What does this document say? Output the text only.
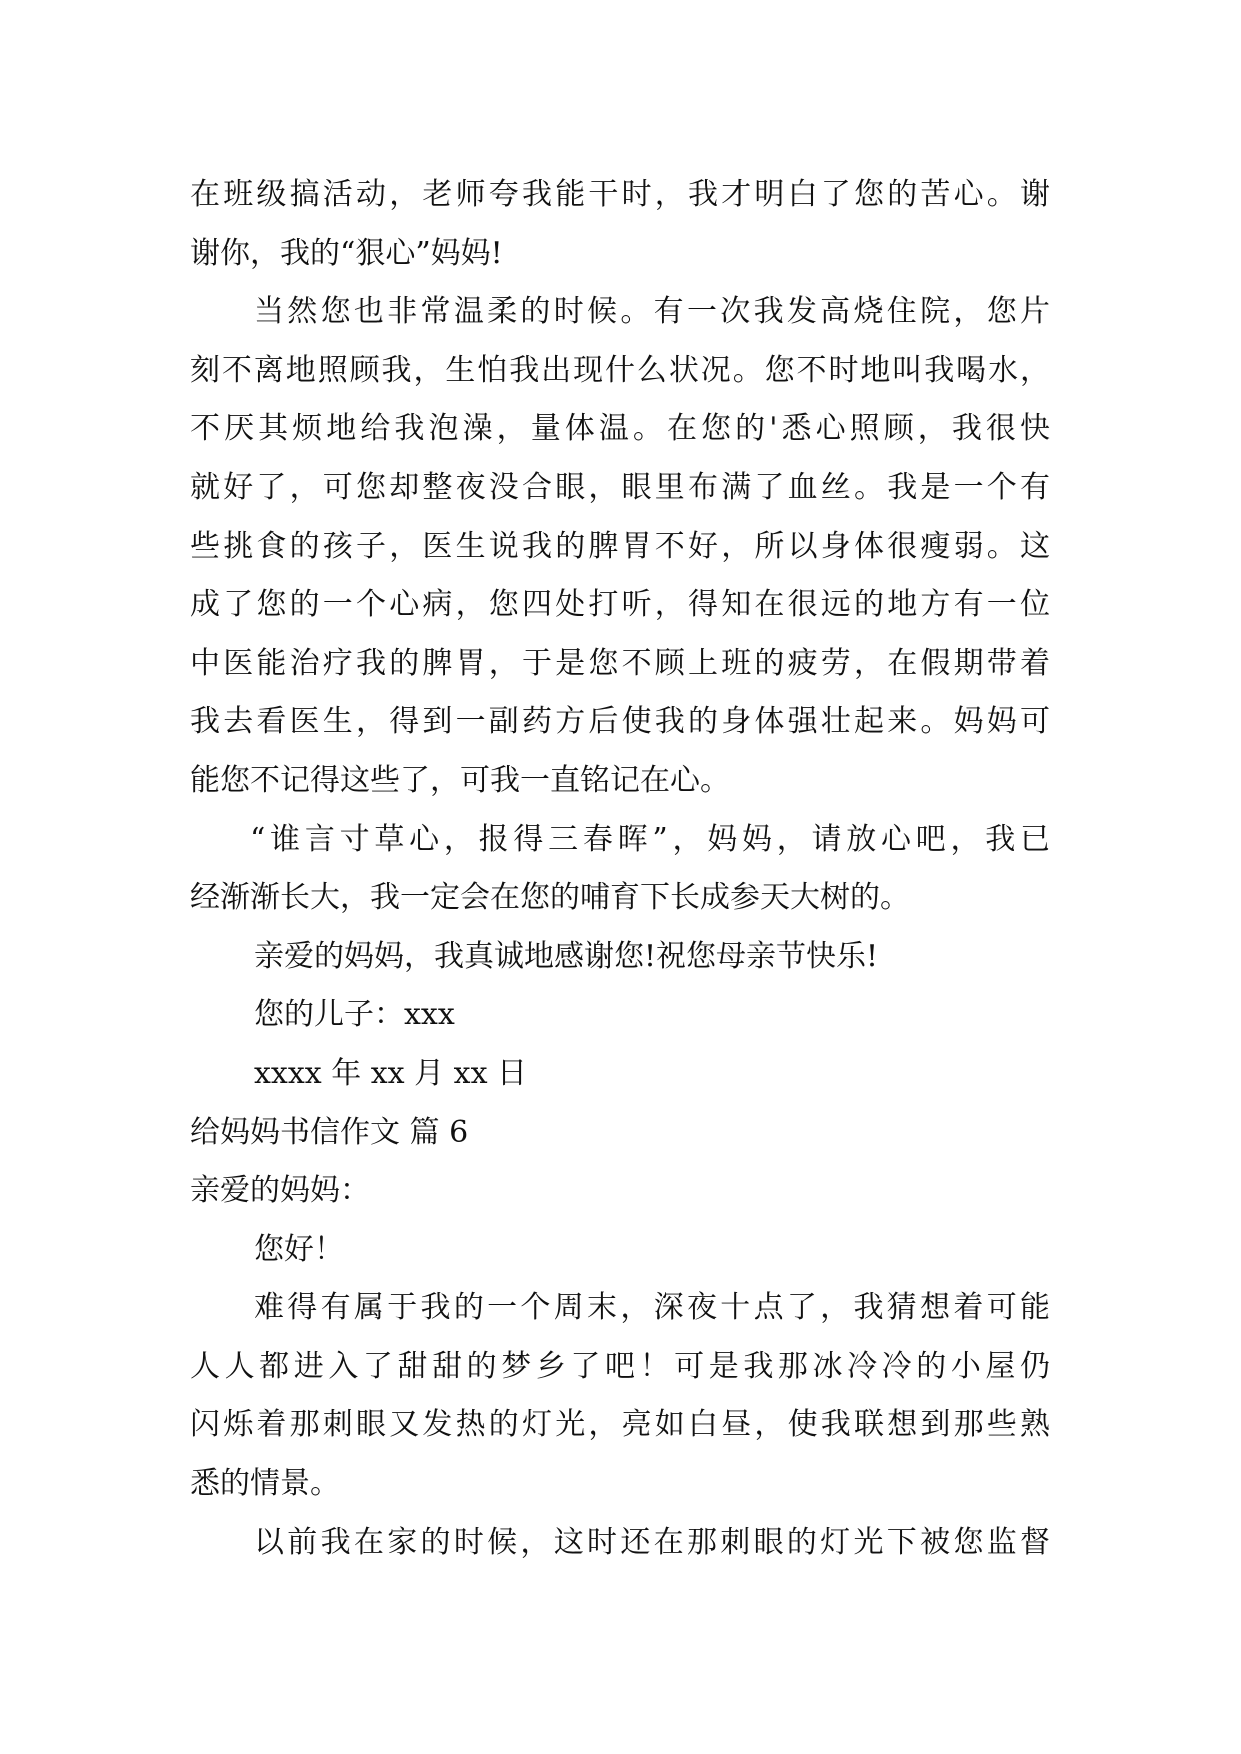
在班级搞活动，老师夸我能干时，我才明白了您的苦心。谢
谢你，我的“狠心”妈妈!
当然您也非常温柔的时候。有一次我发高烧住院，您片
刻不离地照顾我，生怕我出现什么状况。您不时地叫我喝水，
不厌其烦地给我泡澡，量体温。在您的'悉心照顾，我很快
就好了，可您却整夜没合眼，眼里布满了血丝。我是一个有
些挑食的孩子，医生说我的脾胃不好，所以身体很瘦弱。这
成了您的一个心病，您四处打听，得知在很远的地方有一位
中医能治疗我的脾胃，于是您不顾上班的疲劳，在假期带着
我去看医生，得到一副药方后使我的身体强壮起来。妈妈可
能您不记得这些了，可我一直铭记在心。
“谁言寸草心，报得三春晖”，妈妈，请放心吧，我已
经渐渐长大，我一定会在您的哺育下长成参天大树的。
亲爱的妈妈，我真诚地感谢您!祝您母亲节快乐!
您的儿子：xxx
xxxx 年 xx 月 xx 日
给妈妈书信作文 篇 6
亲爱的妈妈：
您好！
难得有属于我的一个周末，深夜十点了，我猜想着可能
人人都进入了甜甜的梦乡了吧！可是我那冰冷冷的小屋仍
闪烁着那刺眼又发热的灯光，亮如白昼，使我联想到那些熟
悉的情景。
以前我在家的时候，这时还在那刺眼的灯光下被您监督
